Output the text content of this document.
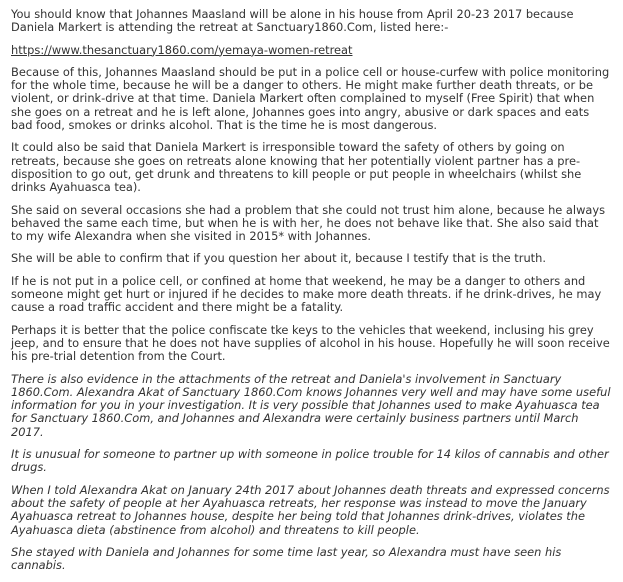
You should know that Johannes Maasland will be alone in his house from April 20-23 2017 because Daniela Markert is attending the retreat at Sanctuary1860.Com, listed here:-

https://www.thesanctuary1860.com/yemaya-women-retreat

Because of this, Johannes Maasland should be put in a police cell or house-curfew with police monitoring for the whole time, because he will be a danger to others. He might make further death threats, or be violent, or drink-drive at that time. Daniela Markert often complained to myself (Free Spirit) that when she goes on a retreat and he is left alone, Johannes goes into angry, abusive or dark spaces and eats bad food, smokes or drinks alcohol. That is the time he is most dangerous.

It could also be said that Daniela Markert is irresponsible toward the safety of others by going on retreats, because she goes on retreats alone knowing that her potentially violent partner has a pre-disposition to go out, get drunk and threatens to kill people or put people in wheelchairs (whilst she drinks Ayahuasca tea).

She said on several occasions she had a problem that she could not trust him alone, because he always behaved the same each time, but when he is with her, he does not behave like that. She also said that to my wife Alexandra when she visited in 2015* with Johannes.

She will be able to confirm that if you question her about it, because I testify that is the truth.

If he is not put in a police cell, or confined at home that weekend, he may be a danger to others and someone might get hurt or injured if he decides to make more death threats. if he drink-drives, he may cause a road traffic accident and there might be a fatality.

Perhaps it is better that the police confiscate tke keys to the vehicles that weekend, inclusing his grey jeep, and to ensure that he does not have supplies of alcohol in his house. Hopefully he will soon receive his pre-trial detention from the Court.

There is also evidence in the attachments of the retreat and Daniela's involvement in Sanctuary 1860.Com. Alexandra Akat of Sanctuary 1860.Com knows Johannes very well and may have some useful information for you in your investigation. It is very possible that Johannes used to make Ayahuasca tea for Sanctuary 1860.Com, and Johannes and Alexandra were certainly business partners until March 2017.

It is unusual for someone to partner up with someone in police trouble for 14 kilos of cannabis and other drugs.

When I told Alexandra Akat on January 24th 2017 about Johannes death threats and expressed concerns about the safety of people at her Ayahuasca retreats, her response was instead to move the January Ayahuasca retreat to Johannes house, despite her being told that Johannes drink-drives, violates the Ayahuasca dieta (abstinence from alcohol) and threatens to kill people.

She stayed with Daniela and Johannes for some time last year, so Alexandra must have seen his cannabis.
